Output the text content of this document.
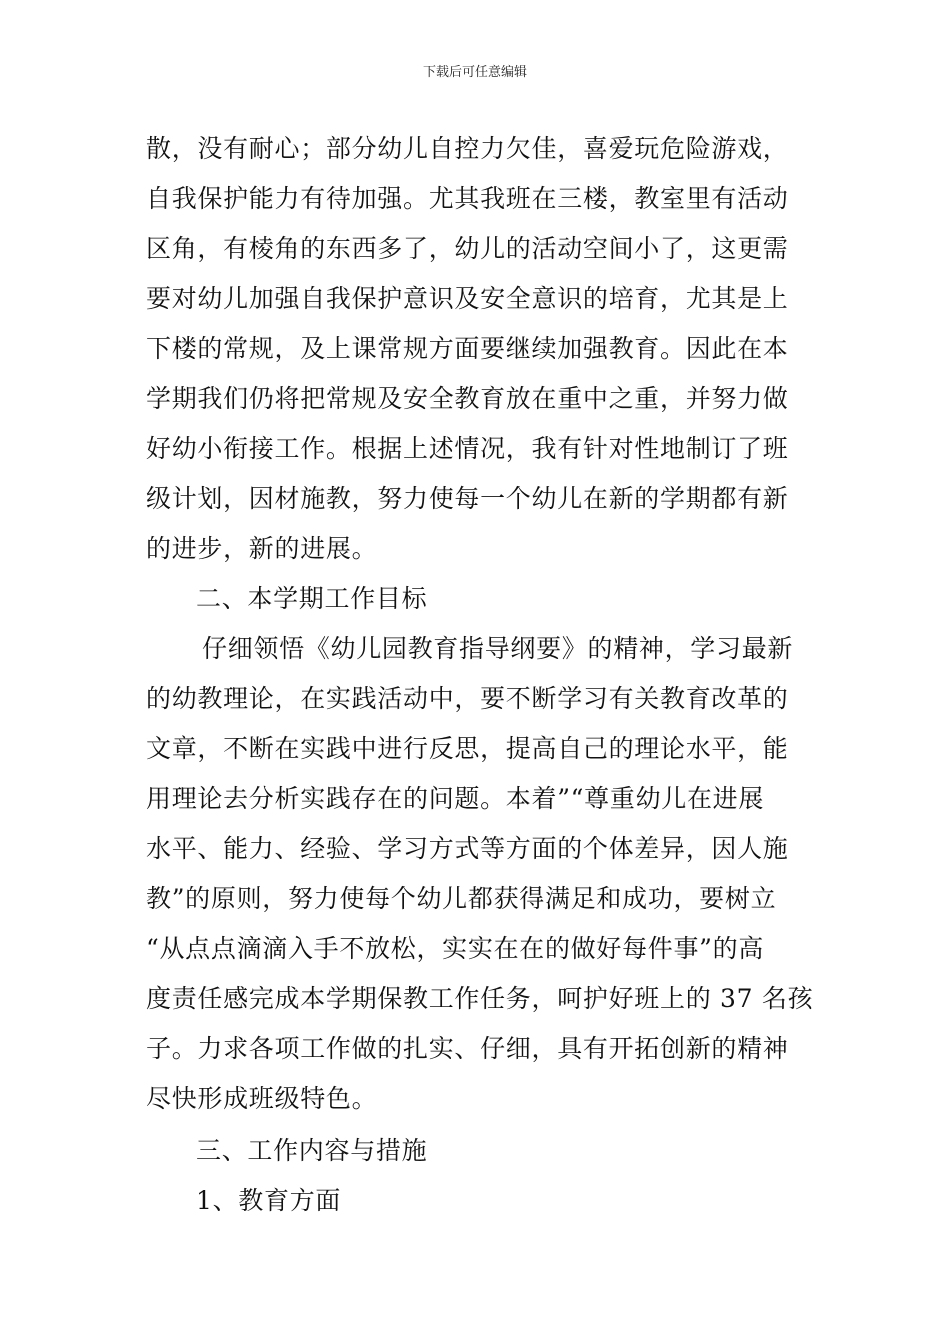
下载后可任意编辑
散，没有耐心；部分幼儿自控力欠佳，喜爱玩危险游戏，
自我保护能力有待加强。尤其我班在三楼，教室里有活动
区角，有棱角的东西多了，幼儿的活动空间小了，这更需
要对幼儿加强自我保护意识及安全意识的培育，尤其是上
下楼的常规，及上课常规方面要继续加强教育。因此在本
学期我们仍将把常规及安全教育放在重中之重，并努力做
好幼小衔接工作。根据上述情况，我有针对性地制订了班
级计划，因材施教，努力使每一个幼儿在新的学期都有新
的进步，新的进展。
二、本学期工作目标
仔细领悟《幼儿园教育指导纲要》的精神，学习最新
的幼教理论，在实践活动中，要不断学习有关教育改革的
文章，不断在实践中进行反思，提高自己的理论水平，能
用理论去分析实践存在的问题。本着”“尊重幼儿在进展
水平、能力、经验、学习方式等方面的个体差异，因人施
教”的原则，努力使每个幼儿都获得满足和成功，要树立
“从点点滴滴入手不放松，实实在在的做好每件事”的高
度责任感完成本学期保教工作任务，呵护好班上的 37 名孩
子。力求各项工作做的扎实、仔细，具有开拓创新的精神
尽快形成班级特色。
三、工作内容与措施
1、教育方面
